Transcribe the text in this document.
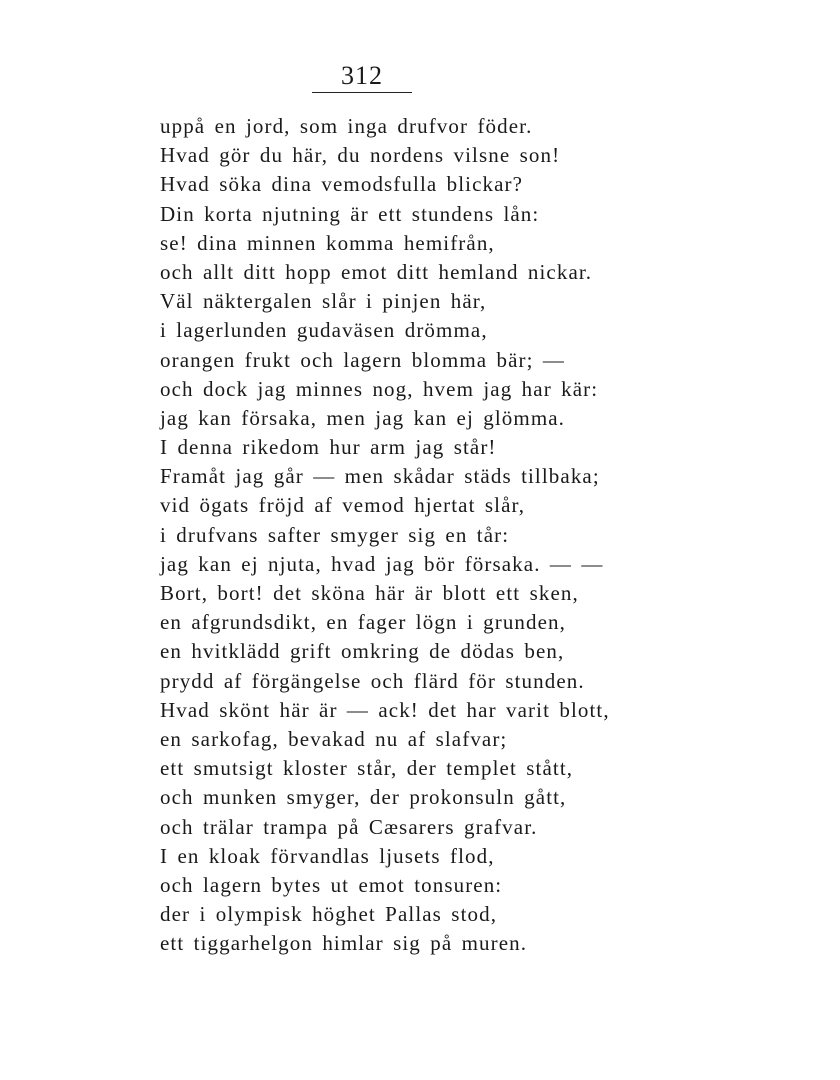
312
uppå en jord, som inga drufvor föder.
Hvad gör du här, du nordens vilsne son!
Hvad söka dina vemodsfulla blickar?
Din korta njutning är ett stundens lån:
se! dina minnen komma hemifrån,
och allt ditt hopp emot ditt hemland nickar.
Väl näktergalen slår i pinjen här,
i lagerlunden gudaväsen drömma,
orangen frukt och lagern blomma bär; —
och dock jag minnes nog, hvem jag har kär:
jag kan försaka, men jag kan ej glömma.
I denna rikedom hur arm jag står!
Framåt jag går — men skådar städs tillbaka;
vid ögats fröjd af vemod hjertat slår,
i drufvans safter smyger sig en tår:
jag kan ej njuta, hvad jag bör försaka. — —
Bort, bort! det sköna här är blott ett sken,
en afgrundsdikt, en fager lögn i grunden,
en hvitklädd grift omkring de dödas ben,
prydd af förgängelse och flärd för stunden.
Hvad skönt här är — ack! det har varit blott,
en sarkofag, bevakad nu af slafvar;
ett smutsigt kloster står, der templet stått,
och munken smyger, der prokonsuln gått,
och trälar trampa på Cæsarers grafvar.
I en kloak förvandlas ljusets flod,
och lagern bytes ut emot tonsuren:
der i olympisk höghet Pallas stod,
ett tiggarhelgon himlar sig på muren.
